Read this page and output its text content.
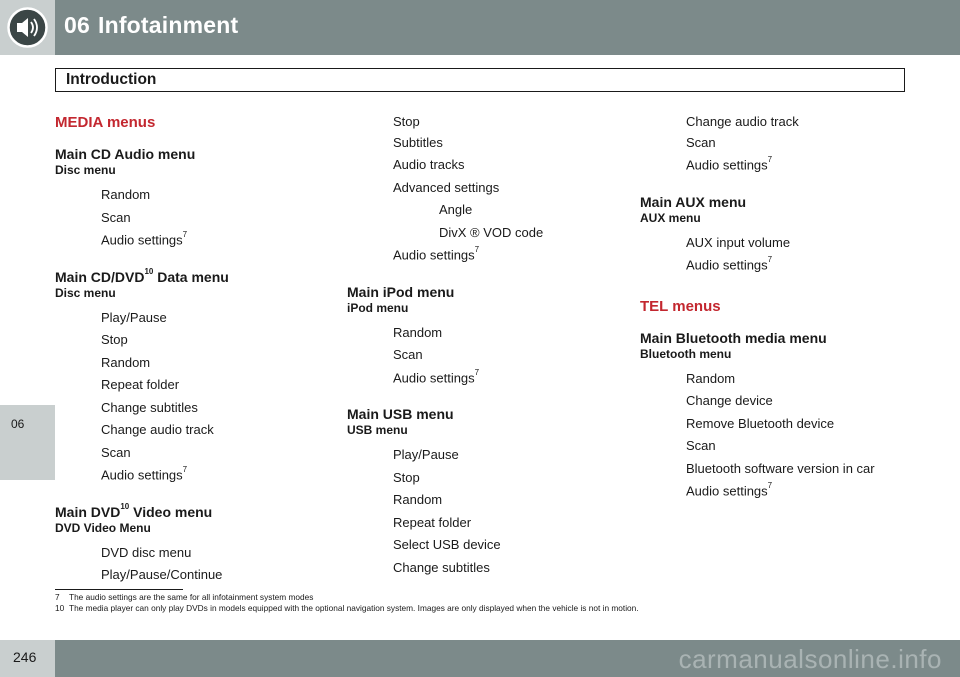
06 Infotainment
06
Introduction
MEDIA menus
Main CD Audio menu
Disc menu
Random
Scan
Audio settings$^7$
Main CD/DVD$^{10}$ Data menu
Disc menu
Play/Pause
Stop
Random
Repeat folder
Change subtitles
Change audio track
Scan
Audio settings$^7$
Main DVD$^{10}$ Video menu
DVD Video Menu
DVD disc menu
Play/Pause/Continue
Stop
Subtitles
Audio tracks
Advanced settings
Angle
DivX ® VOD code
Audio settings$^7$
Main iPod menu
iPod menu
Random
Scan
Audio settings$^7$
Main USB menu
USB menu
Play/Pause
Stop
Random
Repeat folder
Select USB device
Change subtitles
Change audio track
Scan
Audio settings$^7$
Main AUX menu
AUX menu
AUX input volume
Audio settings$^7$
TEL menus
Main Bluetooth media menu
Bluetooth menu
Random
Change device
Remove Bluetooth device
Scan
Bluetooth software version in car
Audio settings$^7$
7 The audio settings are the same for all infotainment system modes
10 The media player can only play DVDs in models equipped with the optional navigation system. Images are only displayed when the vehicle is not in motion.
246	carmanualsonline.info
